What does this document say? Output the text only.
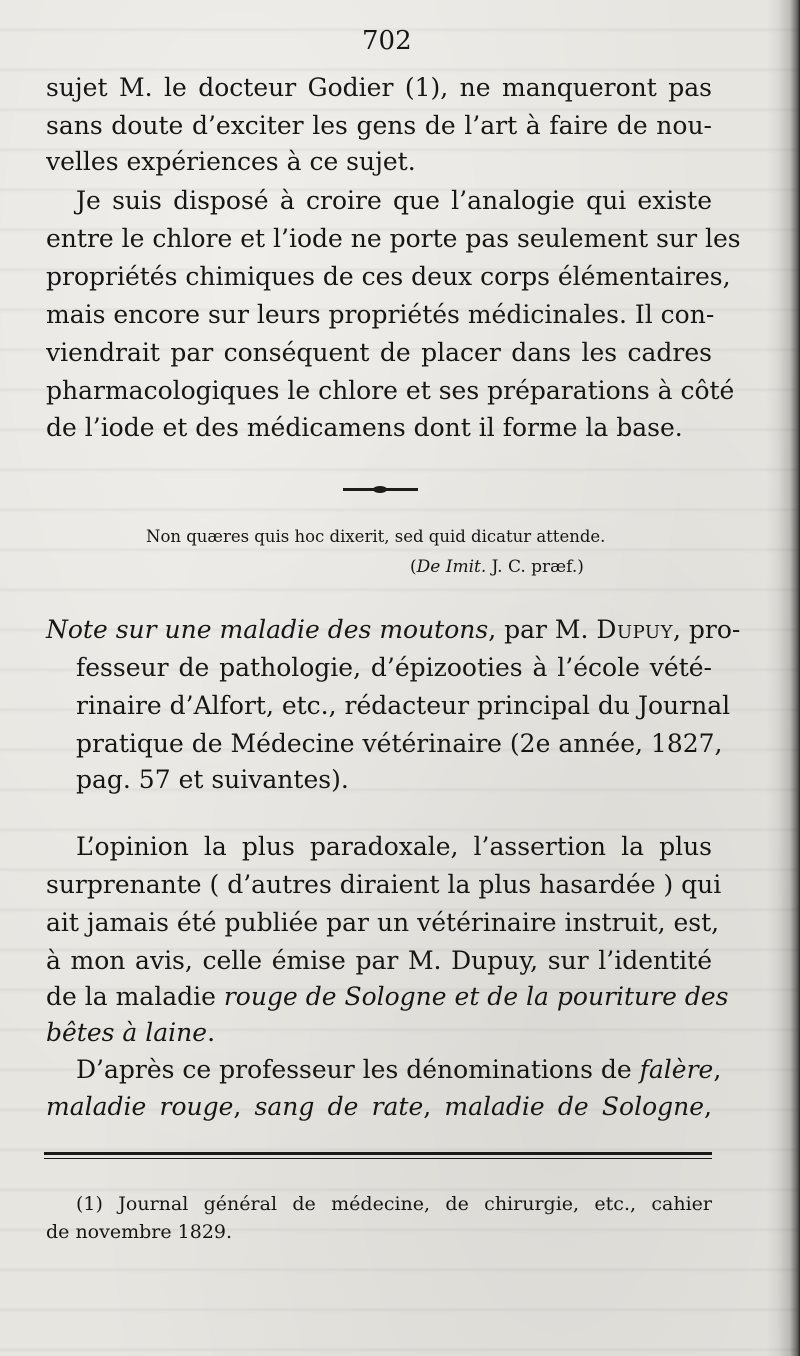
702
sujet M. le docteur Godier (1), ne manqueront pas
sans doute d’exciter les gens de l’art à faire de nou-
velles expériences à ce sujet.
Je suis disposé à croire que l’analogie qui existe
entre le chlore et l’iode ne porte pas seulement sur les
propriétés chimiques de ces deux corps élémentaires,
mais encore sur leurs propriétés médicinales. Il con-
viendrait par conséquent de placer dans les cadres
pharmacologiques le chlore et ses préparations à côté
de l’iode et des médicamens dont il forme la base.
Non quæres quis hoc dixerit, sed quid dicatur attende.
(De Imit. J. C. præf.)
Note sur une maladie des moutons, par M. Dupuy, pro-
fesseur de pathologie, d’épizooties à l’école vété-
rinaire d’Alfort, etc., rédacteur principal du Journal
pratique de Médecine vétérinaire (2e année, 1827,
pag. 57 et suivantes).
L’opinion la plus paradoxale, l’assertion la plus
surprenante ( d’autres diraient la plus hasardée ) qui
ait jamais été publiée par un vétérinaire instruit, est,
à mon avis, celle émise par M. Dupuy, sur l’identité
de la maladie rouge de Sologne et de la pouriture des
bêtes à laine.
D’après ce professeur les dénominations de falère,
maladie rouge, sang de rate, maladie de Sologne,
(1) Journal général de médecine, de chirurgie, etc., cahier
de novembre 1829.
